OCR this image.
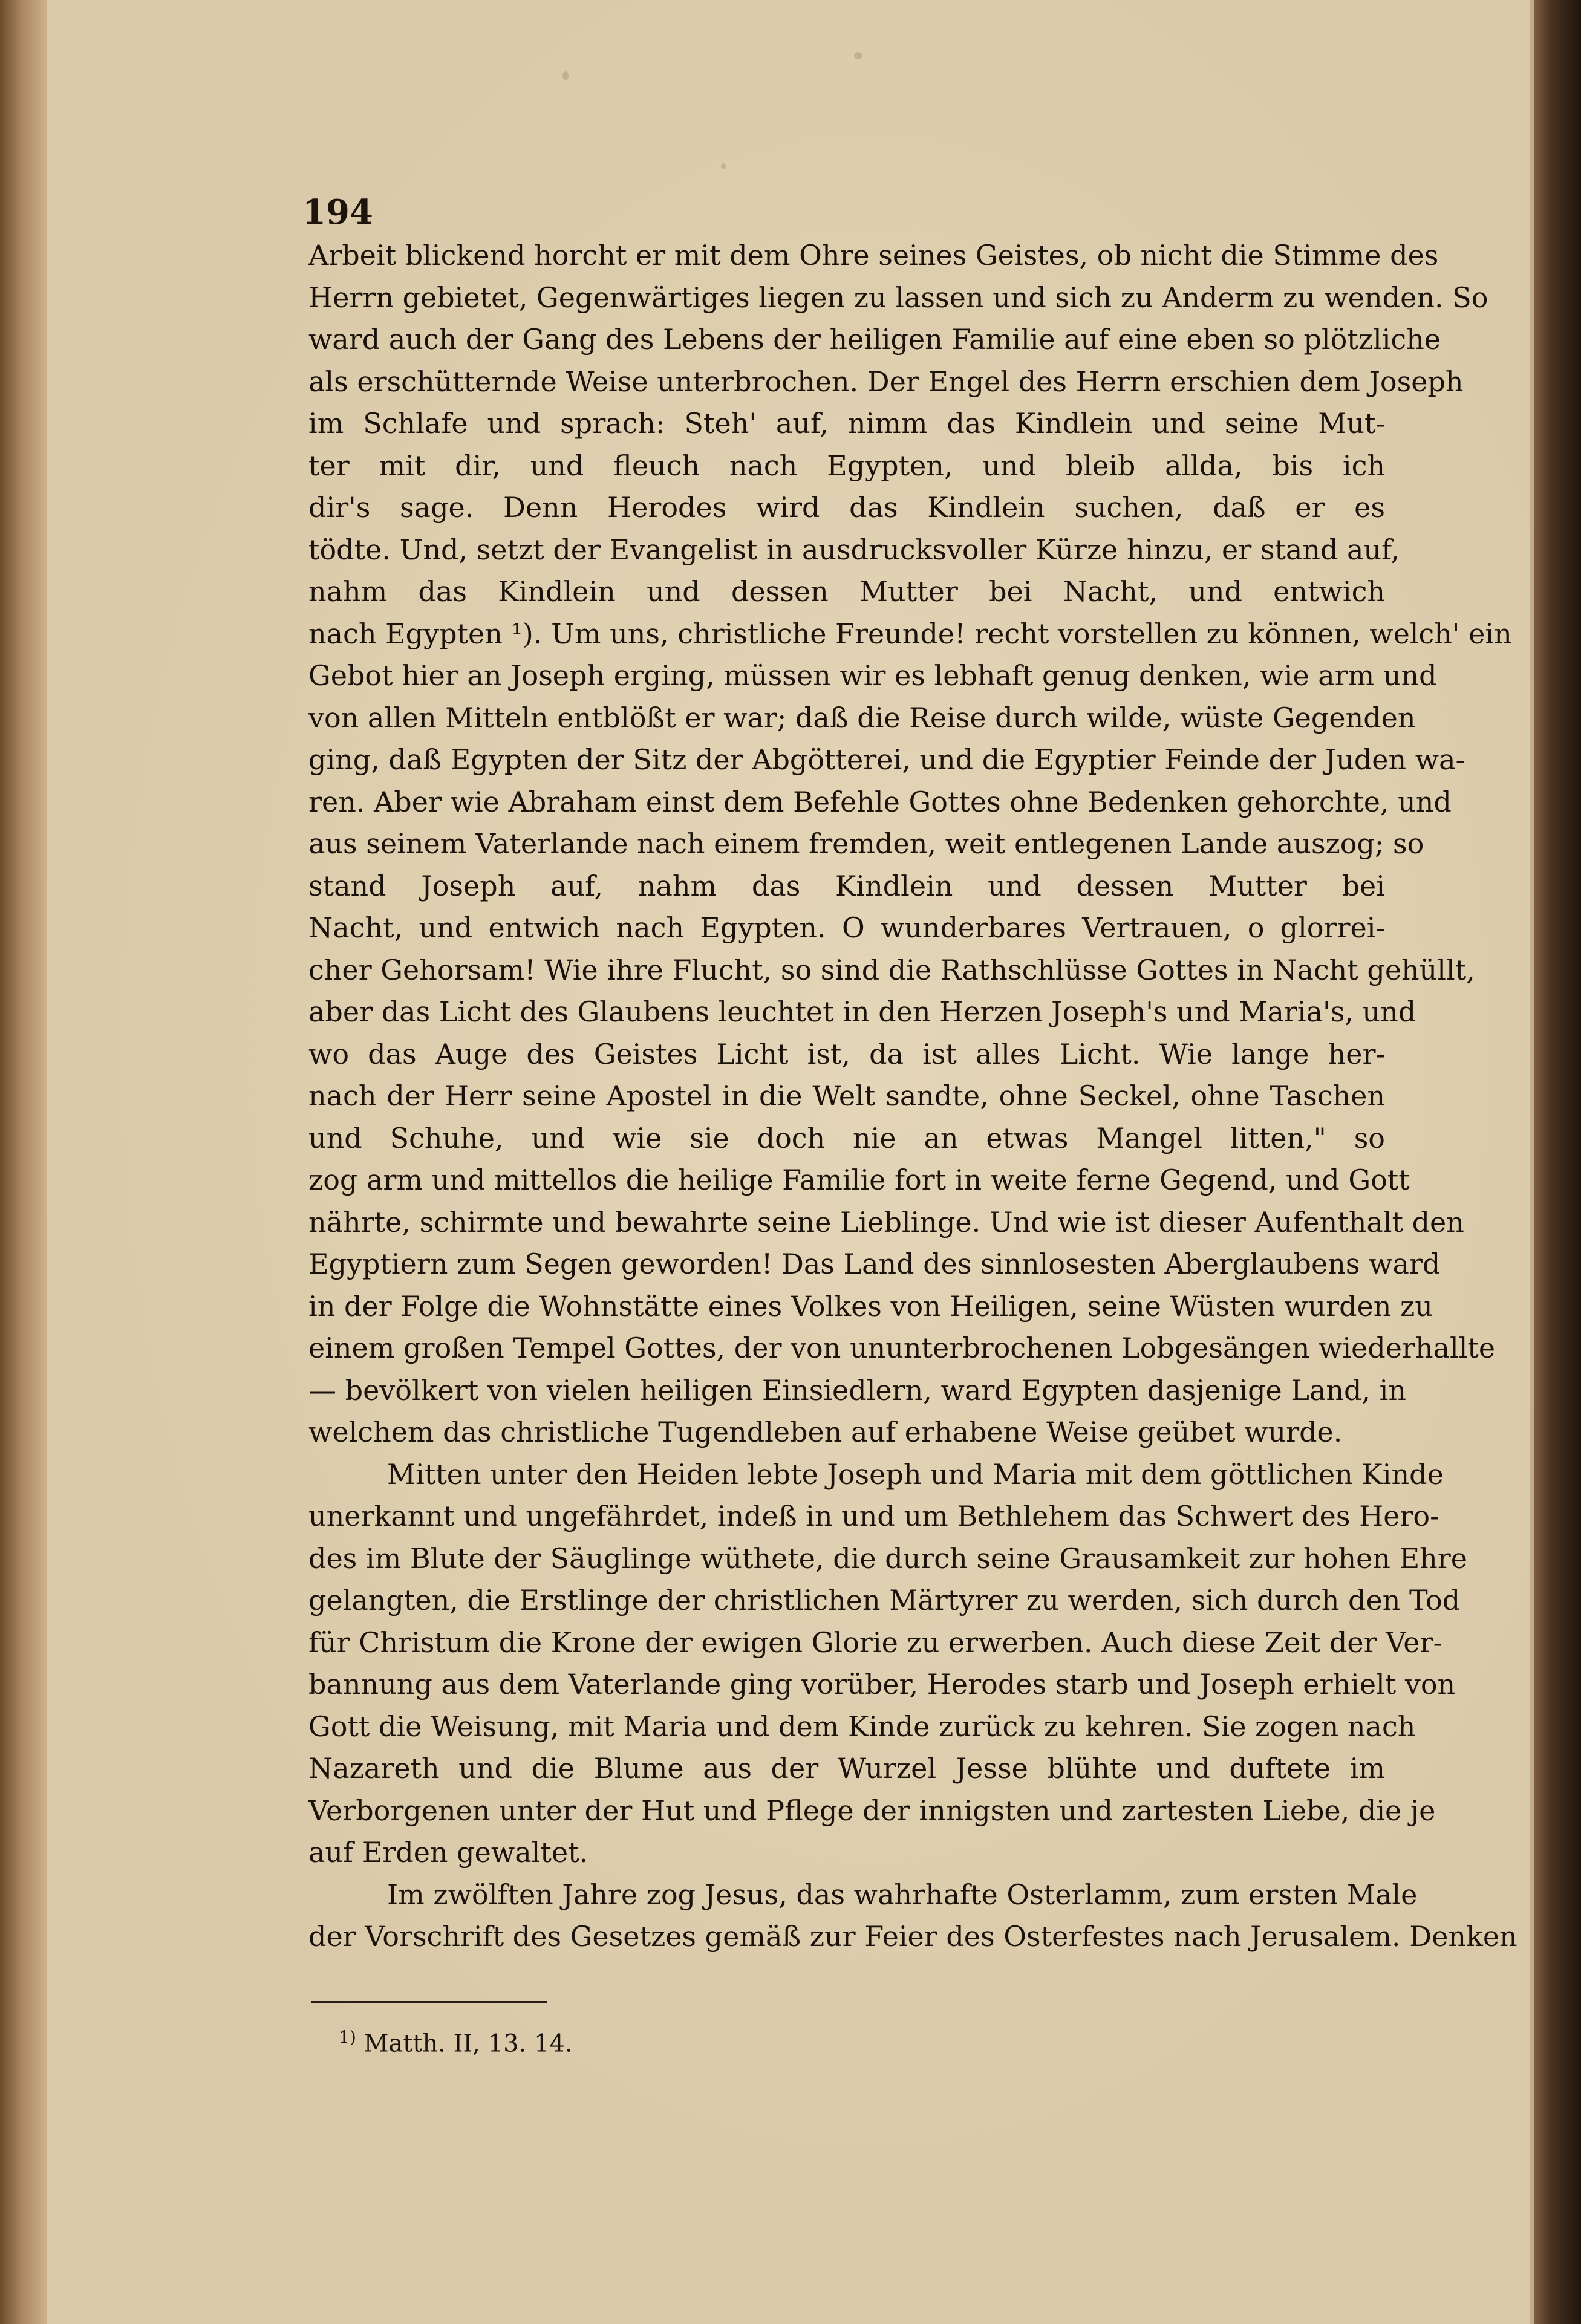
194
Arbeit blickend horcht er mit dem Ohre seines Geistes, ob nicht die Stimme des
Herrn gebietet, Gegenwärtiges liegen zu lassen und sich zu Anderm zu wenden. So
ward auch der Gang des Lebens der heiligen Familie auf eine eben so plötzliche
als erschütternde Weise unterbrochen. Der Engel des Herrn erschien dem Joseph
im Schlafe und sprach: Steh' auf, nimm das Kindlein und seine Mut-
ter mit dir, und fleuch nach Egypten, und bleib allda, bis ich
dir's sage. Denn Herodes wird das Kindlein suchen, daß er es
tödte. Und, setzt der Evangelist in ausdrucksvoller Kürze hinzu, er stand auf,
nahm das Kindlein und dessen Mutter bei Nacht, und entwich
nach Egypten ¹). Um uns, christliche Freunde! recht vorstellen zu können, welch' ein
Gebot hier an Joseph erging, müssen wir es lebhaft genug denken, wie arm und
von allen Mitteln entblößt er war; daß die Reise durch wilde, wüste Gegenden
ging, daß Egypten der Sitz der Abgötterei, und die Egyptier Feinde der Juden wa-
ren. Aber wie Abraham einst dem Befehle Gottes ohne Bedenken gehorchte, und
aus seinem Vaterlande nach einem fremden, weit entlegenen Lande auszog; so
stand Joseph auf, nahm das Kindlein und dessen Mutter bei
Nacht, und entwich nach Egypten. O wunderbares Vertrauen, o glorrei-
cher Gehorsam! Wie ihre Flucht, so sind die Rathschlüsse Gottes in Nacht gehüllt,
aber das Licht des Glaubens leuchtet in den Herzen Joseph's und Maria's, und
wo das Auge des Geistes Licht ist, da ist alles Licht. Wie lange her-
nach der Herr seine Apostel in die Welt sandte, ohne Seckel, ohne Taschen
und Schuhe, und wie sie doch nie an etwas Mangel litten," so
zog arm und mittellos die heilige Familie fort in weite ferne Gegend, und Gott
nährte, schirmte und bewahrte seine Lieblinge. Und wie ist dieser Aufenthalt den
Egyptiern zum Segen geworden! Das Land des sinnlosesten Aberglaubens ward
in der Folge die Wohnstätte eines Volkes von Heiligen, seine Wüsten wurden zu
einem großen Tempel Gottes, der von ununterbrochenen Lobgesängen wiederhallte
— bevölkert von vielen heiligen Einsiedlern, ward Egypten dasjenige Land, in
welchem das christliche Tugendleben auf erhabene Weise geübet wurde.
Mitten unter den Heiden lebte Joseph und Maria mit dem göttlichen Kinde
unerkannt und ungefährdet, indeß in und um Bethlehem das Schwert des Hero-
des im Blute der Säuglinge wüthete, die durch seine Grausamkeit zur hohen Ehre
gelangten, die Erstlinge der christlichen Märtyrer zu werden, sich durch den Tod
für Christum die Krone der ewigen Glorie zu erwerben. Auch diese Zeit der Ver-
bannung aus dem Vaterlande ging vorüber, Herodes starb und Joseph erhielt von
Gott die Weisung, mit Maria und dem Kinde zurück zu kehren. Sie zogen nach
Nazareth und die Blume aus der Wurzel Jesse blühte und duftete im
Verborgenen unter der Hut und Pflege der innigsten und zartesten Liebe, die je
auf Erden gewaltet.
Im zwölften Jahre zog Jesus, das wahrhafte Osterlamm, zum ersten Male
der Vorschrift des Gesetzes gemäß zur Feier des Osterfestes nach Jerusalem. Denken
$^{1)}$ Matth. II, 13. 14.
